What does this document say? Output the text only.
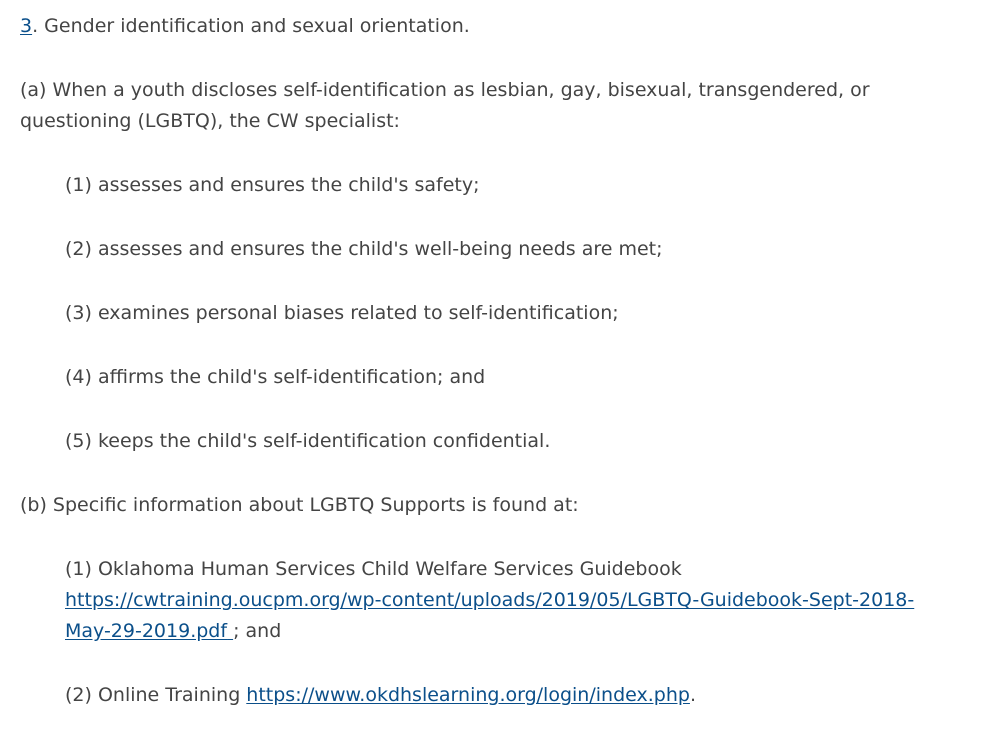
3. Gender identification and sexual orientation.

(a) When a youth discloses self-identification as lesbian, gay, bisexual, transgendered, or questioning (LGBTQ), the CW specialist:

(1) assesses and ensures the child's safety;

(2) assesses and ensures the child's well-being needs are met;

(3) examines personal biases related to self-identification;

(4) affirms the child's self-identification; and

(5) keeps the child's self-identification confidential.

(b) Specific information about LGBTQ Supports is found at:

(1) Oklahoma Human Services Child Welfare Services Guidebook
https://cwtraining.oucpm.org/wp-content/uploads/2019/05/LGBTQ-Guidebook-Sept-2018-
May-29-2019.pdf ; and

(2) Online Training https://www.okdhslearning.org/login/index.php.
